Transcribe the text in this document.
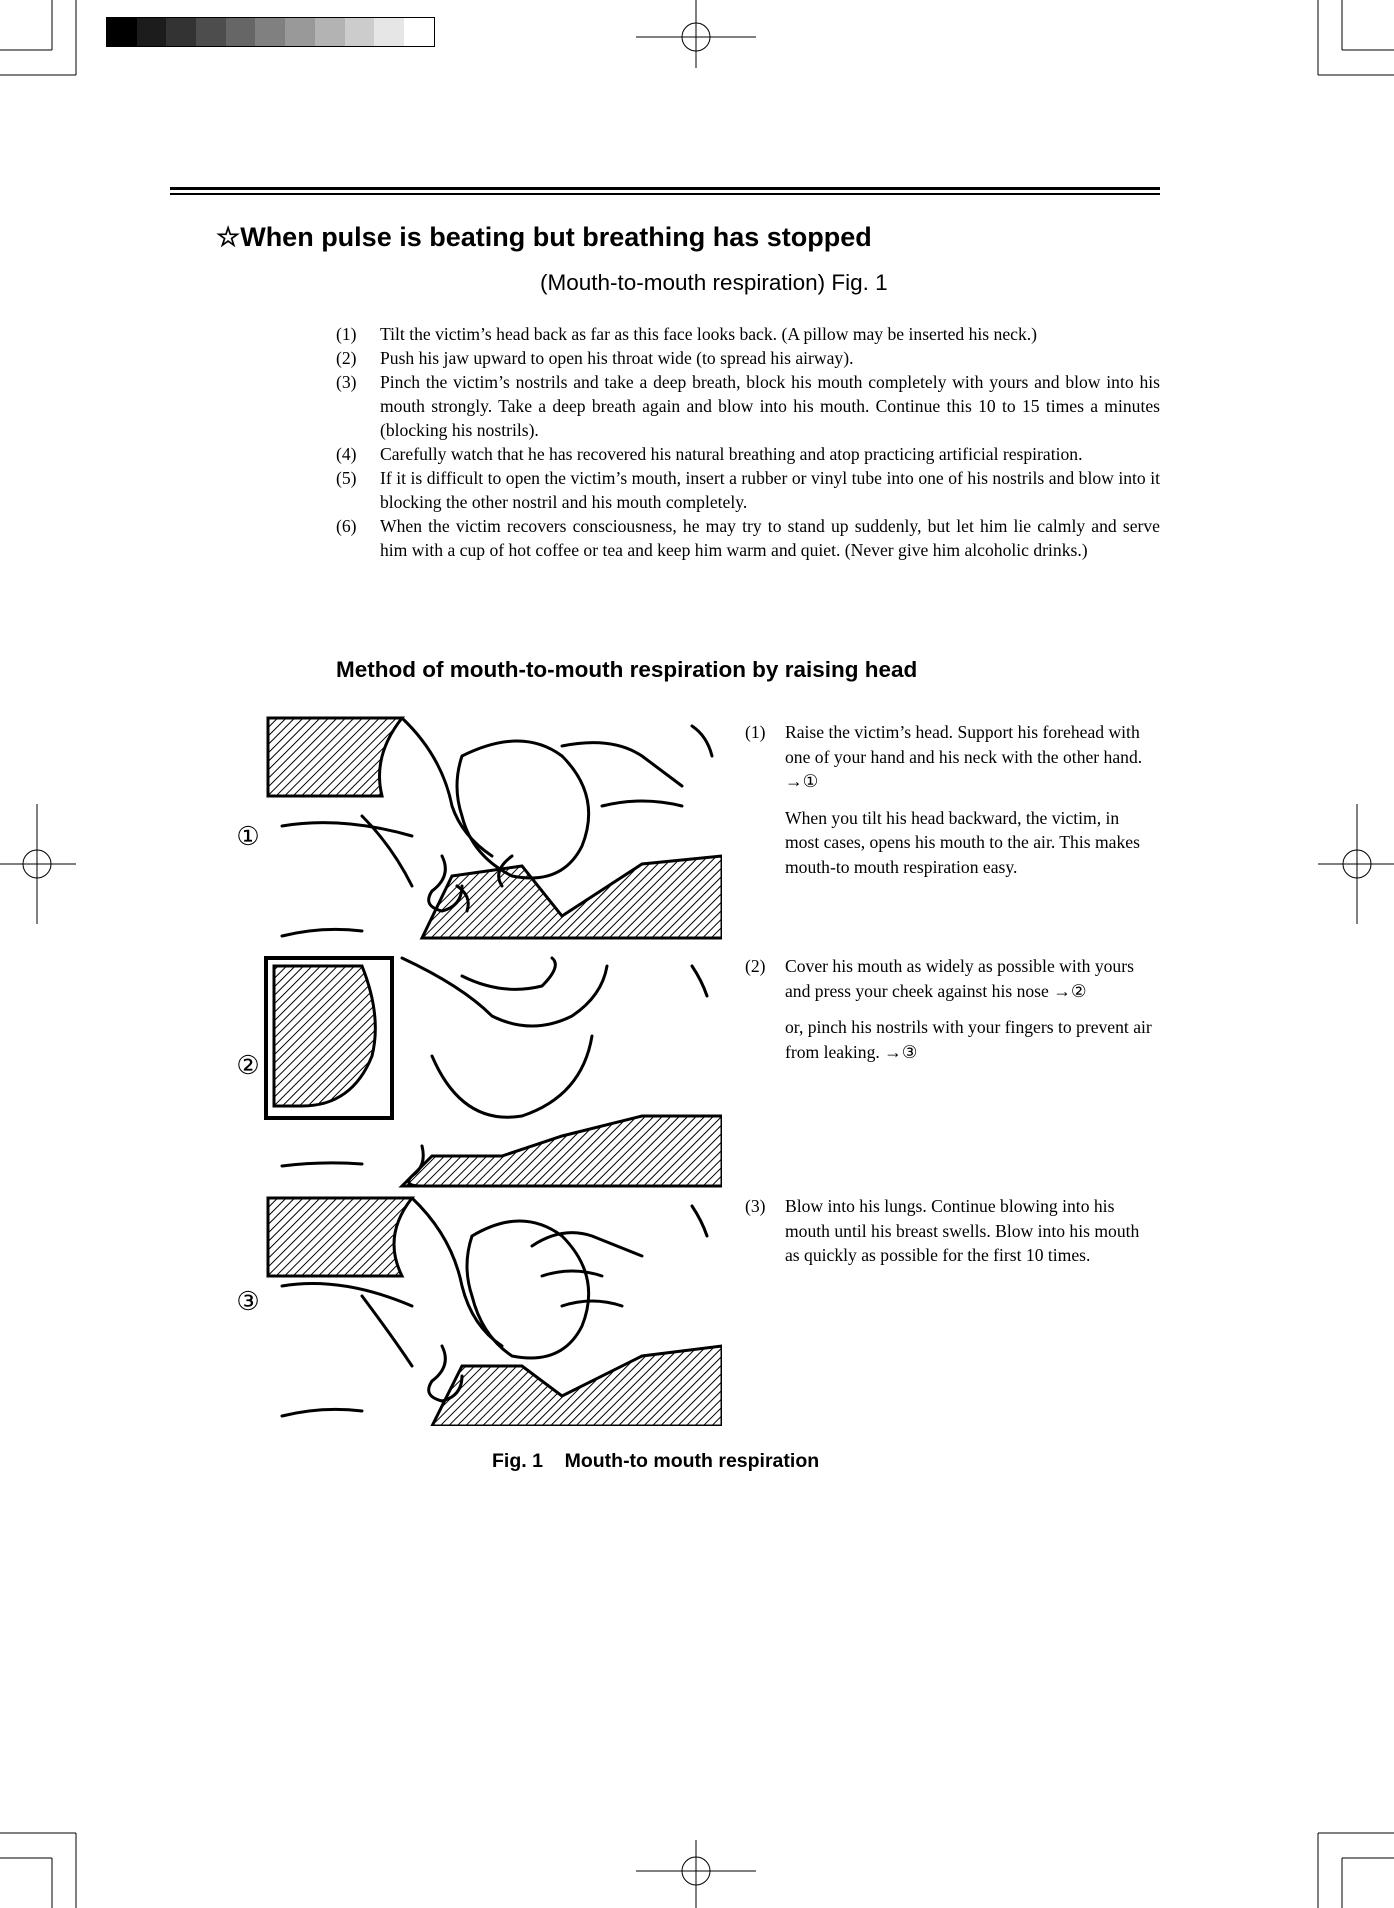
☆When pulse is beating but breathing has stopped
(Mouth-to-mouth respiration) Fig. 1
(1) Tilt the victim’s head back as far as this face looks back. (A pillow may be inserted his neck.)
(2) Push his jaw upward to open his throat wide (to spread his airway).
(3) Pinch the victim’s nostrils and take a deep breath, block his mouth completely with yours and blow into his mouth strongly. Take a deep breath again and blow into his mouth. Continue this 10 to 15 times a minutes (blocking his nostrils).
(4) Carefully watch that he has recovered his natural breathing and atop practicing artificial respiration.
(5) If it is difficult to open the victim’s mouth, insert a rubber or vinyl tube into one of his nostrils and blow into it blocking the other nostril and his mouth completely.
(6) When the victim recovers consciousness, he may try to stand up suddenly, but let him lie calmly and serve him with a cup of hot coffee or tea and keep him warm and quiet. (Never give him alcoholic drinks.)
Method of mouth-to-mouth respiration by raising head
①
②
③
(1) Raise the victim’s head. Support his forehead with one of your hand and his neck with the other hand. →①

When you tilt his head backward, the victim, in most cases, opens his mouth to the air. This makes mouth-to mouth respiration easy.

(2) Cover his mouth as widely as possible with yours and press your cheek against his nose →②

or, pinch his nostrils with your fingers to prevent air from leaking. →③

(3) Blow into his lungs. Continue blowing into his mouth until his breast swells. Blow into his mouth as quickly as possible for the first 10 times.

Fig. 1    Mouth-to mouth respiration
